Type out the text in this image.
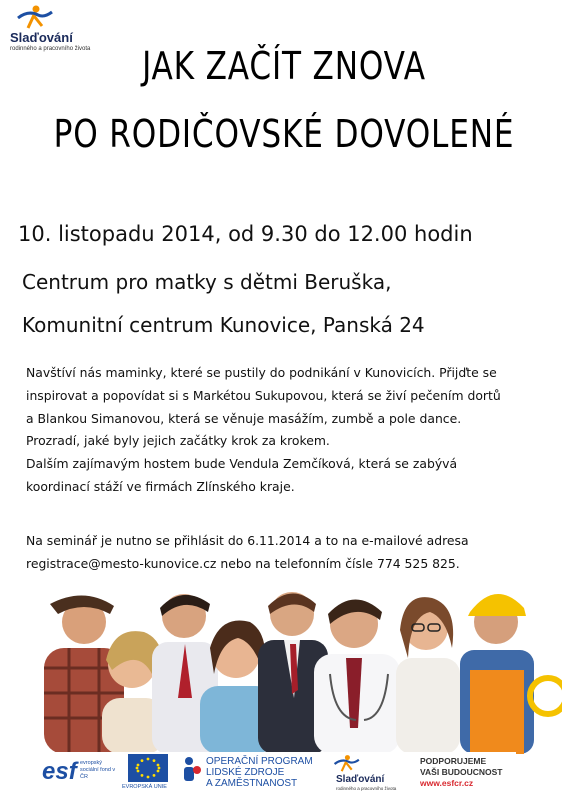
Slaďování
rodinného a pracovního života	JAK ZAČÍT ZNOVA
PO RODIČOVSKÉ DOVOLENÉ
10. listopadu 2014, od 9.30 do 12.00 hodin
Centrum pro matky s dětmi Beruška,
Komunitní centrum Kunovice, Panská 24

Navštíví nás maminky, které se pustily do podnikání v Kunovicích. Přijďte se

inspirovat a popovídat si s Markétou Sukupovou, která se živí pečením dortů

a Blankou Simanovou, která se věnuje masážím, zumbě a pole dance.

Prozradí, jaké byly jejich začátky krok za krokem.

Dalším zajímavým hostem bude Vendula Zemčíková, která se zabývá

koordinací stáží ve firmách Zlínského kraje.

Na seminář je nutno se přihlásit do 6.11.2014 a to na e-mailové adresa

registrace@mesto-kunovice.cz nebo na telefonním čísle 774 525 825.

esf evropský sociální fond v ČR
EVROPSKÁ UNIE
OPERAČNÍ PROGRAM
LIDSKÉ ZDROJE
A ZAMĚSTNANOST	Slaďování
rodinného a pracovního života
PODPORUJEME
VAŠI BUDOUCNOST
www.esfcr.cz
